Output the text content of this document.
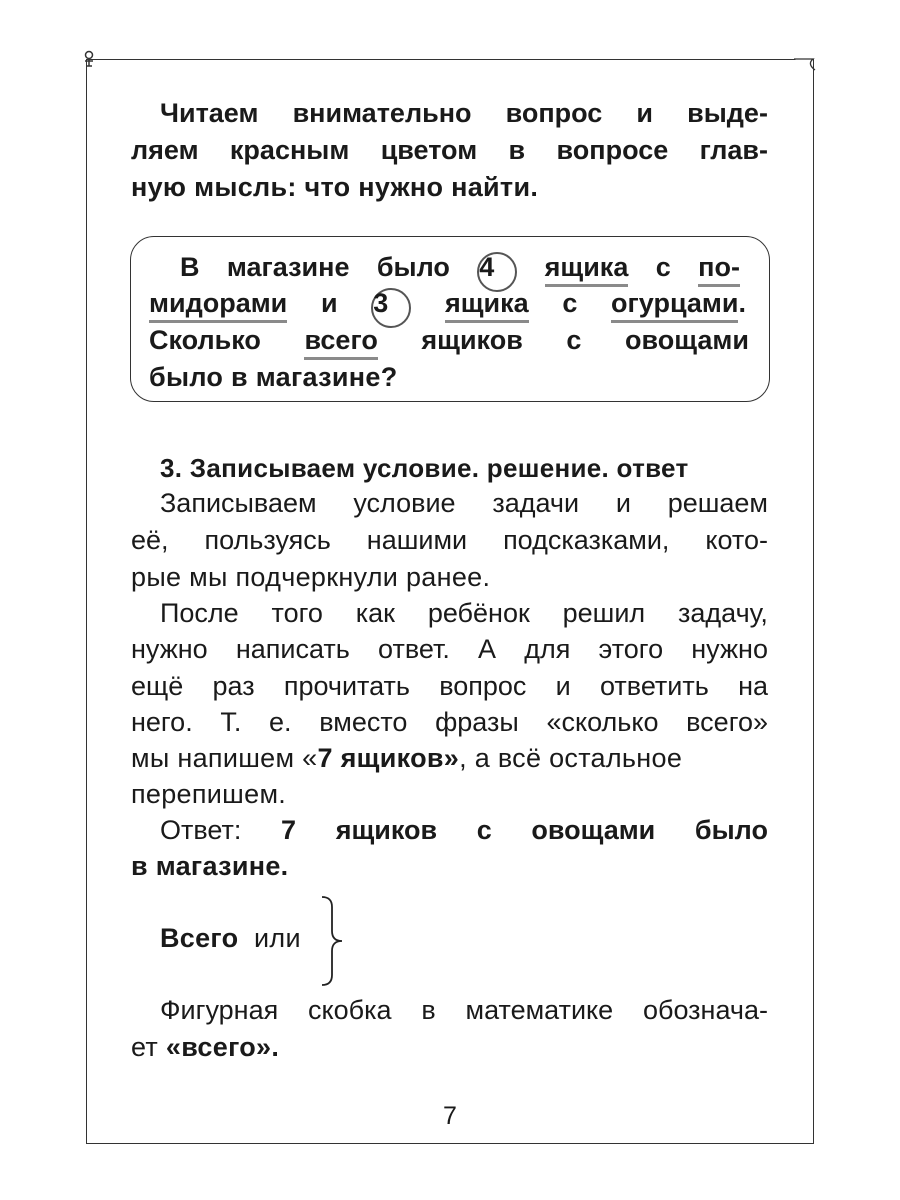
Читаем внимательно вопрос и выде-
ляем красным цветом в вопросе глав-
ную мысль: что нужно найти.
В магазине было 4	ящика с по-
мидорами и 3	ящика с огурцами.
Сколько всего ящиков с овощами
было в магазине?
3. Записываем условие. решение. ответ
Записываем условие задачи и решаем
её, пользуясь нашими подсказками, кото-
рые мы подчеркнули ранее.
После того как ребёнок решил задачу,
нужно написать ответ. А для этого нужно
ещё раз прочитать вопрос и ответить на
него. Т. е. вместо фразы «сколько всего»
мы напишем «7 ящиков», а всё остальное
перепишем.
Ответ: 7 ящиков с овощами было
в магазине.
Всего или
Фигурная скобка в математике обознача-
ет «всего».
7
